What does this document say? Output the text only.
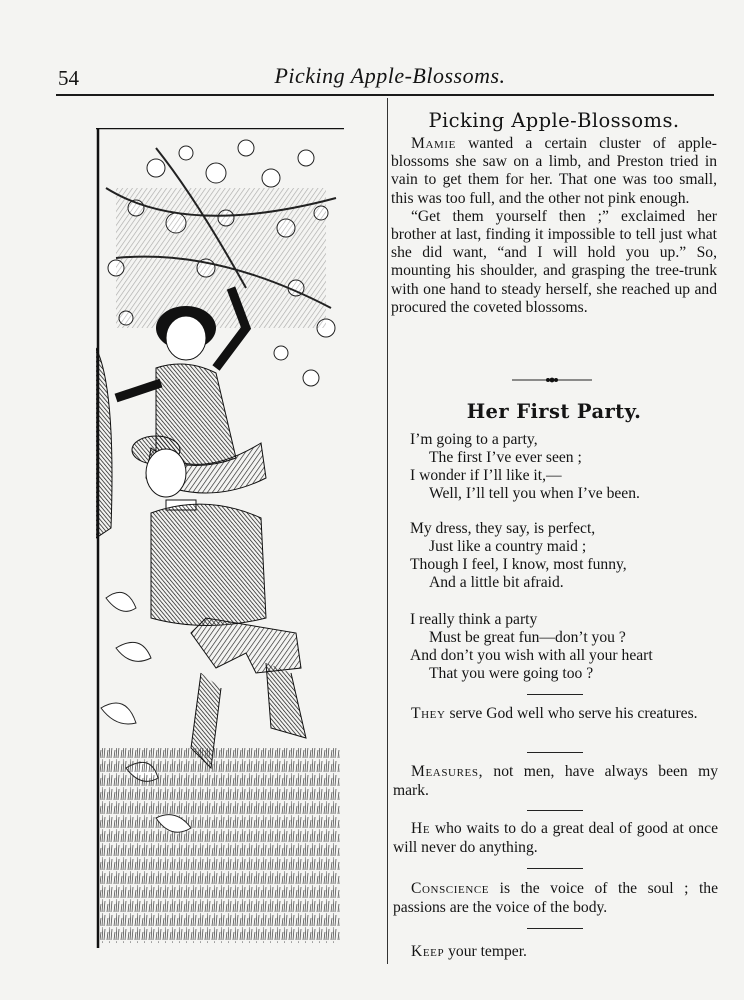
54	Picking Apple-Blossoms.
Picking Apple-Blossoms.

Mamie wanted a certain cluster of apple-blossoms she saw on a limb, and Preston tried in vain to get them for her. That one was too small, this was too full, and the other not pink enough.

“Get them yourself then ;” exclaimed her brother at last, finding it impossible to tell just what she did want, “and I will hold you up.” So, mounting his shoulder, and grasping the tree-trunk with one hand to steady herself, she reached up and procured the coveted blossoms.

Her First Party.
I’m going to a party,
The first I’ve ever seen ;
I wonder if I’ll like it,—
Well, I’ll tell you when I’ve been.
My dress, they say, is perfect,
Just like a country maid ;
Though I feel, I know, most funny,
And a little bit afraid.
I really think a party
Must be great fun—don’t you ?
And don’t you wish with all your heart
That you were going too ?

They serve God well who serve his creatures.

Measures, not men, have always been my mark.

He who waits to do a great deal of good at once will never do anything.

Conscience is the voice of the soul ; the passions are the voice of the body.

Keep your temper.
